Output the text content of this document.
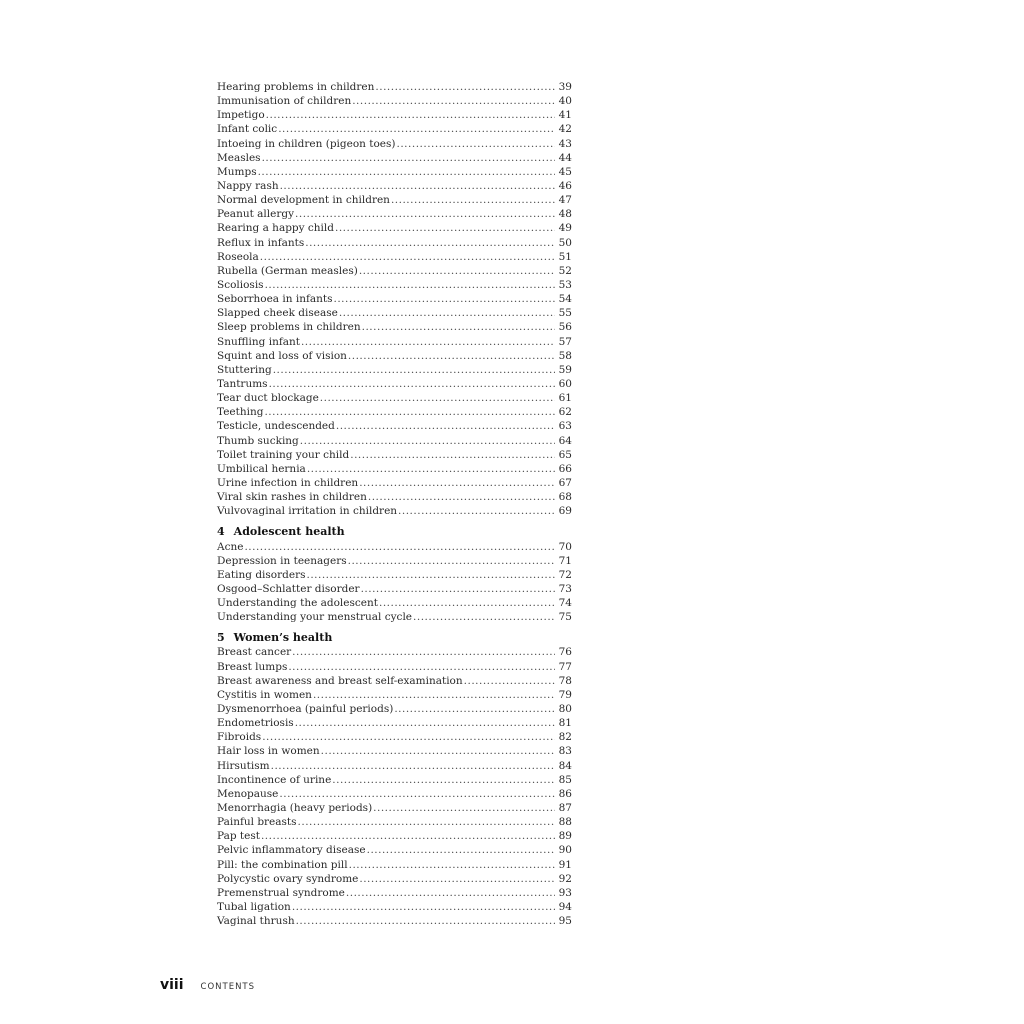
Hearing problems in children .....	39
Immunisation of children .....	40
Impetigo .....	41
Infant colic .....	42
Intoeing in children (pigeon toes) .....	43
Measles .....	44
Mumps .....	45
Nappy rash .....	46
Normal development in children .....	47
Peanut allergy .....	48
Rearing a happy child .....	49
Reflux in infants .....	50
Roseola .....	51
Rubella (German measles) .....	52
Scoliosis .....	53
Seborrhoea in infants .....	54
Slapped cheek disease .....	55
Sleep problems in children .....	56
Snuffling infant .....	57
Squint and loss of vision .....	58
Stuttering .....	59
Tantrums .....	60
Tear duct blockage .....	61
Teething .....	62
Testicle, undescended .....	63
Thumb sucking .....	64
Toilet training your child .....	65
Umbilical hernia .....	66
Urine infection in children .....	67
Viral skin rashes in children .....	68
Vulvovaginal irritation in children .....	69
4 Adolescent health
Acne .....	70
Depression in teenagers .....	71
Eating disorders .....	72
Osgood–Schlatter disorder .....	73
Understanding the adolescent .....	74
Understanding your menstrual cycle .....	75
5 Women’s health
Breast cancer .....	76
Breast lumps .....	77
Breast awareness and breast self-examination .....	78
Cystitis in women .....	79
Dysmenorrhoea (painful periods) .....	80
Endometriosis .....	81
Fibroids .....	82
Hair loss in women .....	83
Hirsutism .....	84
Incontinence of urine .....	85
Menopause .....	86
Menorrhagia (heavy periods) .....	87
Painful breasts .....	88
Pap test .....	89
Pelvic inflammatory disease .....	90
Pill: the combination pill .....	91
Polycystic ovary syndrome .....	92
Premenstrual syndrome .....	93
Tubal ligation .....	94
Vaginal thrush .....	95
viii CONTENTS
